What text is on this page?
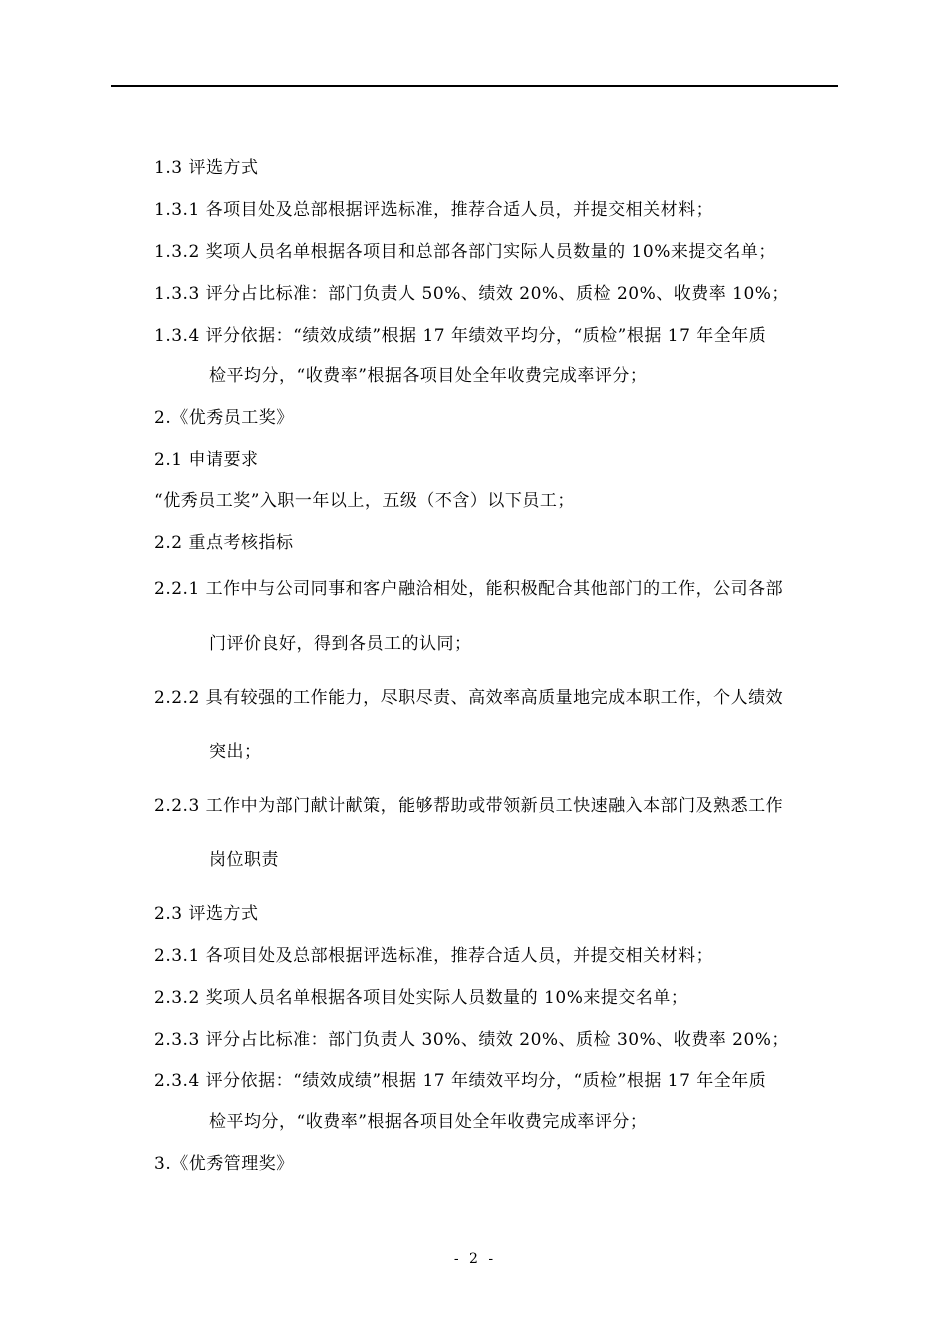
1.3 评选方式
1.3.1 各项目处及总部根据评选标准，推荐合适人员，并提交相关材料；
1.3.2 奖项人员名单根据各项目和总部各部门实际人员数量的 10%来提交名单；
1.3.3 评分占比标准：部门负责人 50%、绩效 20%、质检 20%、收费率 10%；
1.3.4 评分依据：“绩效成绩”根据 17 年绩效平均分，“质检”根据 17 年全年质
检平均分，“收费率”根据各项目处全年收费完成率评分；
2.《优秀员工奖》
2.1 申请要求
“优秀员工奖”入职一年以上，五级（不含）以下员工；
2.2 重点考核指标
2.2.1 工作中与公司同事和客户融洽相处，能积极配合其他部门的工作，公司各部
门评价良好，得到各员工的认同；
2.2.2 具有较强的工作能力，尽职尽责、高效率高质量地完成本职工作，个人绩效
突出；
2.2.3 工作中为部门献计献策，能够帮助或带领新员工快速融入本部门及熟悉工作
岗位职责
2.3 评选方式
2.3.1 各项目处及总部根据评选标准，推荐合适人员，并提交相关材料；
2.3.2 奖项人员名单根据各项目处实际人员数量的 10%来提交名单；
2.3.3 评分占比标准：部门负责人 30%、绩效 20%、质检 30%、收费率 20%；
2.3.4 评分依据：“绩效成绩”根据 17 年绩效平均分，“质检”根据 17 年全年质
检平均分，“收费率”根据各项目处全年收费完成率评分；
3.《优秀管理奖》
- 2 -
